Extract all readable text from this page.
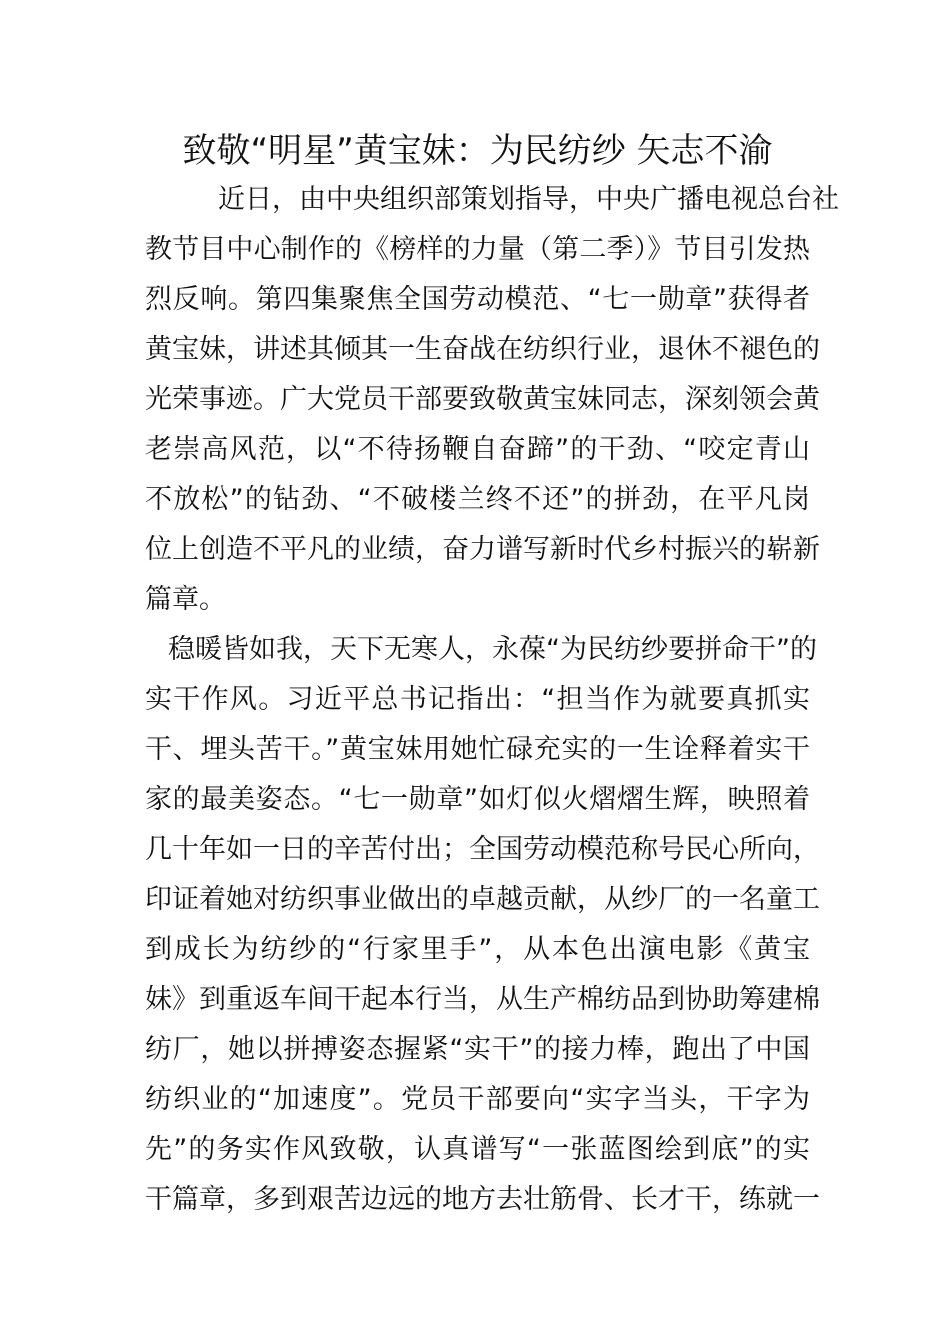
致敬“明星”黄宝妹：为民纺纱 矢志不渝
近日，由中央组织部策划指导，中央广播电视总台社
教节目中心制作的《榜样的力量（第二季）》节目引发热
烈反响。第四集聚焦全国劳动模范、“七一勋章”获得者
黄宝妹，讲述其倾其一生奋战在纺织行业，退休不褪色的
光荣事迹。广大党员干部要致敬黄宝妹同志，深刻领会黄
老崇高风范，以“不待扬鞭自奋蹄”的干劲、“咬定青山
不放松”的钻劲、“不破楼兰终不还”的拼劲，在平凡岗
位上创造不平凡的业绩，奋力谱写新时代乡村振兴的崭新
篇章。
稳暖皆如我，天下无寒人，永葆“为民纺纱要拼命干”的
实干作风。习近平总书记指出：“担当作为就要真抓实
干、埋头苦干。”黄宝妹用她忙碌充实的一生诠释着实干
家的最美姿态。“七一勋章”如灯似火熠熠生辉，映照着
几十年如一日的辛苦付出；全国劳动模范称号民心所向，
印证着她对纺织事业做出的卓越贡献，从纱厂的一名童工
到成长为纺纱的“行家里手”，从本色出演电影《黄宝
妹》到重返车间干起本行当，从生产棉纺品到协助筹建棉
纺厂，她以拼搏姿态握紧“实干”的接力棒，跑出了中国
纺织业的“加速度”。党员干部要向“实字当头，干字为
先”的务实作风致敬，认真谱写“一张蓝图绘到底”的实
干篇章，多到艰苦边远的地方去壮筋骨、长才干，练就一
